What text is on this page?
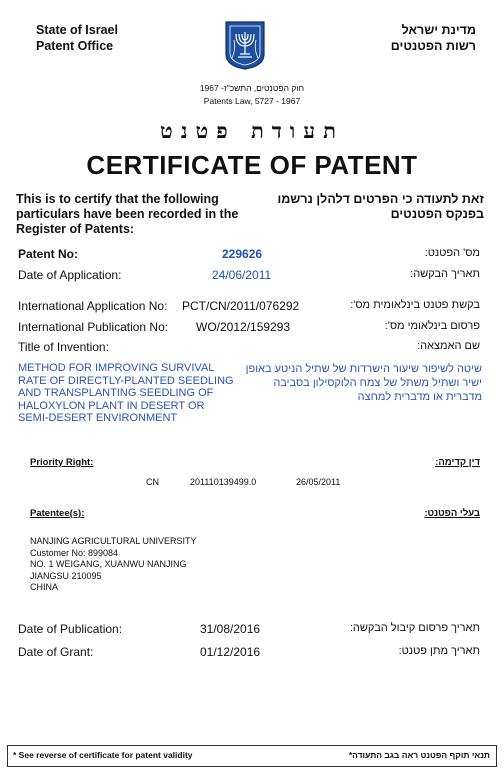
State of Israel
Patent Office
מדינת ישראל
רשות הפטנטים
חוק הפטנטים, התשכ"ז- 1967
Patents Law, 5727 - 1967
תעודת פטנט
CERTIFICATE OF PATENT
This is to certify that the following particulars have been recorded in the Register of Patents:
זאת לתעודה כי הפרטים דלהלן נרשמו בפנקס הפטנטים
Patent No:	229626	מס' הפטנט:
Date of Application:	24/06/2011	תאריך הבקשה:
International Application No: PCT/CN/2011/076292	בקשת פטנט בינלאומית מס':
International Publication No: WO/2012/159293	פרסום בינלאומי מס':
Title of Invention:	שם האמצאה:
METHOD FOR IMPROVING SURVIVAL RATE OF DIRECTLY-PLANTED SEEDLING AND TRANSPLANTING SEEDLING OF HALOXYLON PLANT IN DESERT OR SEMI-DESERT ENVIRONMENT
שיטה לשיפור שיעור הישרדות של שתיל הניטע באופן ישיר ושתיל משתל של צמח הלוקסילון בסביבה מדברית או מדברית למחצה
Priority Right:	דין קדימה:
CN	201110139499.0	26/05/2011
Patentee(s):	בעלי הפטנט:
NANJING AGRICULTURAL UNIVERSITY
Customer No: 899084
NO. 1 WEIGANG, XUANWU NANJING
JIANGSU 210095
CHINA
Date of Publication:	31/08/2016	תאריך פרסום קיבול הבקשה:
Date of Grant:	01/12/2016	תאריך מתן פטנט:
* See reverse of certificate for patent validity	תנאי תוקף הפטנט ראה בגב התעודה*
